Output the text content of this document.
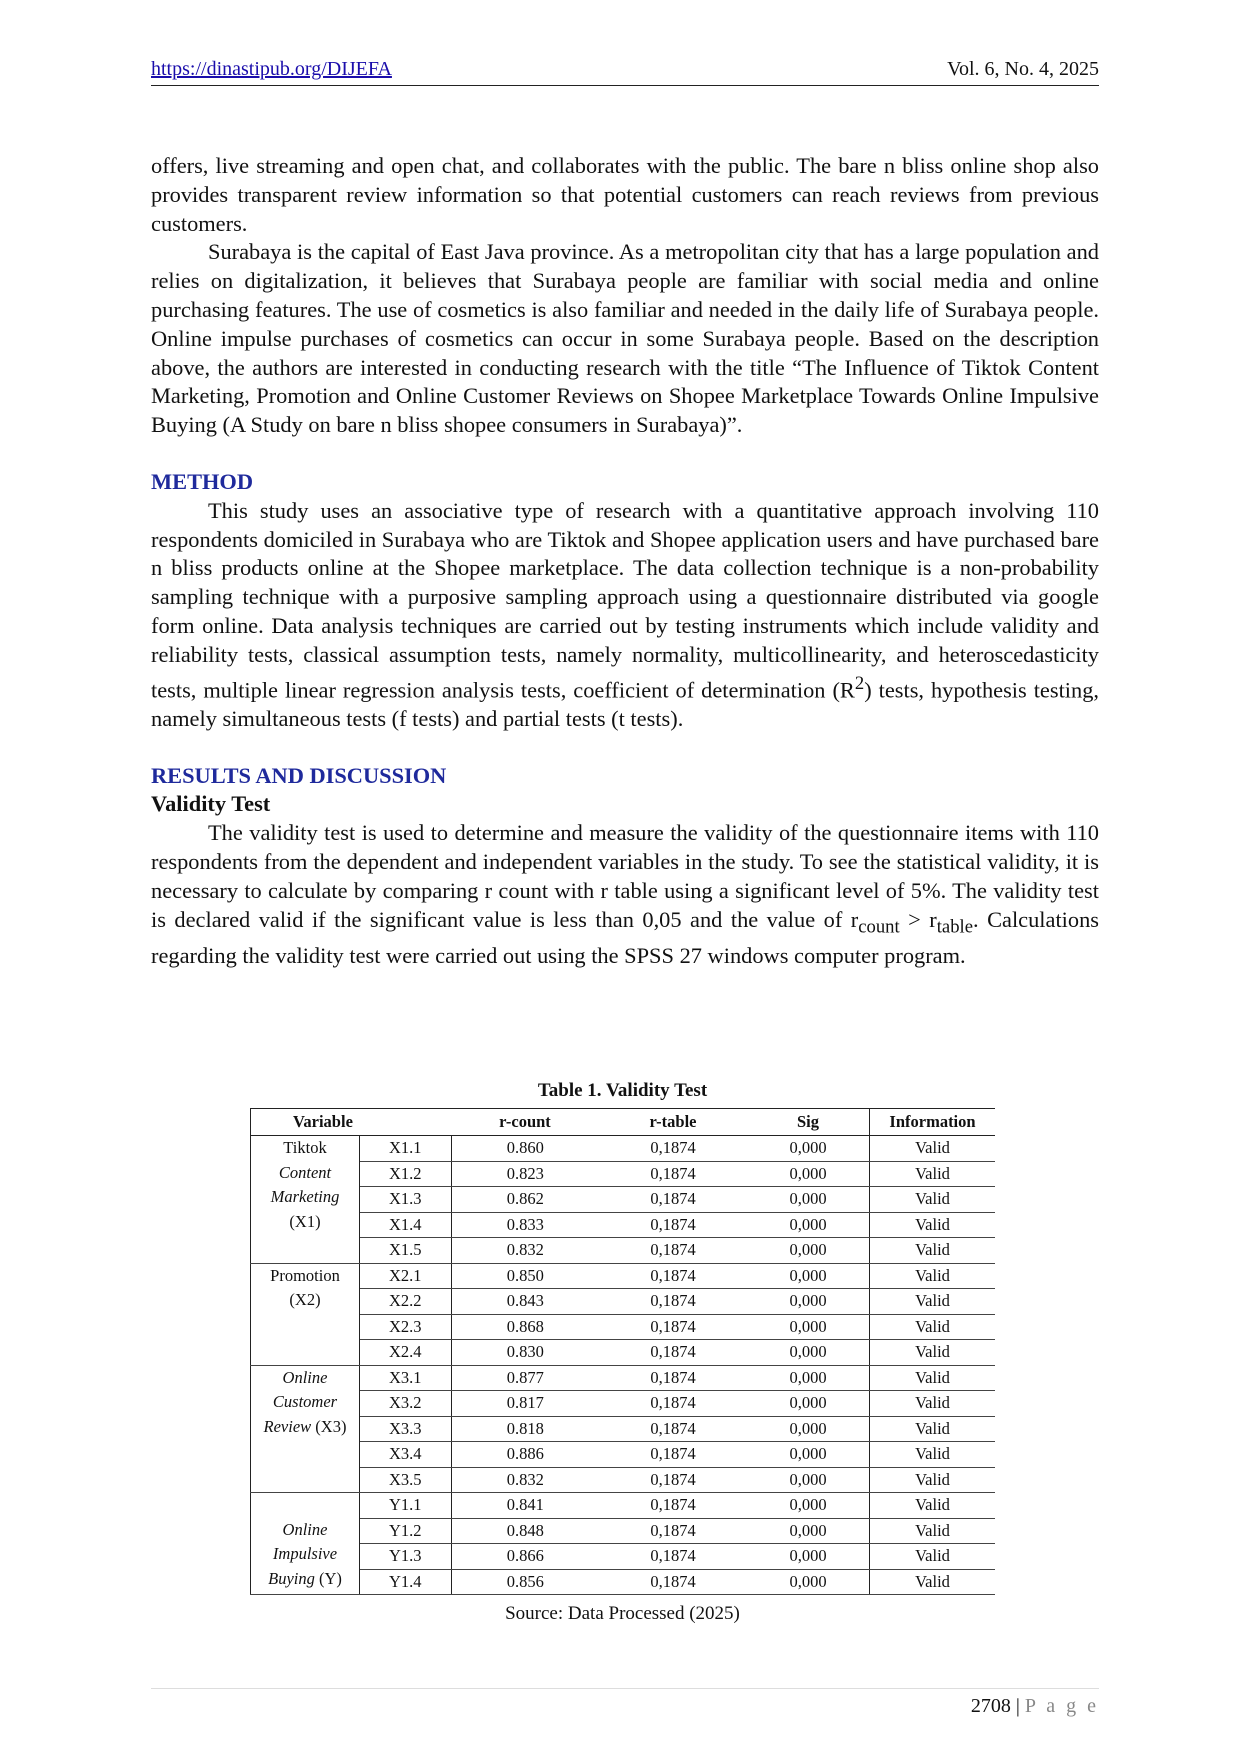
https://dinastipub.org/DIJEFA	Vol. 6, No. 4, 2025

offers, live streaming and open chat, and collaborates with the public. The bare n bliss online shop also provides transparent review information so that potential customers can reach reviews from previous customers.

Surabaya is the capital of East Java province. As a metropolitan city that has a large population and relies on digitalization, it believes that Surabaya people are familiar with social media and online purchasing features. The use of cosmetics is also familiar and needed in the daily life of Surabaya people. Online impulse purchases of cosmetics can occur in some Surabaya people. Based on the description above, the authors are interested in conducting research with the title “The Influence of Tiktok Content Marketing, Promotion and Online Customer Reviews on Shopee Marketplace Towards Online Impulsive Buying (A Study on bare n bliss shopee consumers in Surabaya)”.

METHOD

This study uses an associative type of research with a quantitative approach involving 110 respondents domiciled in Surabaya who are Tiktok and Shopee application users and have purchased bare n bliss products online at the Shopee marketplace. The data collection technique is a non-probability sampling technique with a purposive sampling approach using a questionnaire distributed via google form online. Data analysis techniques are carried out by testing instruments which include validity and reliability tests, classical assumption tests, namely normality, multicollinearity, and heteroscedasticity tests, multiple linear regression analysis tests, coefficient of determination $(R^2)$ tests, hypothesis testing, namely simultaneous tests (f tests) and partial tests (t tests).

RESULTS AND DISCUSSION
Validity Test

The validity test is used to determine and measure the validity of the questionnaire items with 110 respondents from the dependent and independent variables in the study. To see the statistical validity, it is necessary to calculate by comparing r count with r table using a significant level of 5%. The validity test is declared valid if the significant value is less than 0,05 and the value of $r_{count} > r_{table}$. Calculations regarding the validity test were carried out using the SPSS 27 windows computer program.

Table 1. Validity Test
Variable		r-count	r-table	Sig	Information
Tiktok
Content
Marketing
(X1)	X1.1	0.860	0,1874	0,000	Valid
	X1.2	0.823	0,1874	0,000	Valid
	X1.3	0.862	0,1874	0,000	Valid
	X1.4	0.833	0,1874	0,000	Valid
	X1.5	0.832	0,1874	0,000	Valid
Promotion
(X2)	X2.1	0.850	0,1874	0,000	Valid
	X2.2	0.843	0,1874	0,000	Valid
	X2.3	0.868	0,1874	0,000	Valid
	X2.4	0.830	0,1874	0,000	Valid
Online
Customer
Review (X3)	X3.1	0.877	0,1874	0,000	Valid
	X3.2	0.817	0,1874	0,000	Valid
	X3.3	0.818	0,1874	0,000	Valid
	X3.4	0.886	0,1874	0,000	Valid
	X3.5	0.832	0,1874	0,000	Valid

Online
Impulsive
Buying (Y)	Y1.1	0.841	0,1874	0,000	Valid
	Y1.2	0.848	0,1874	0,000	Valid
	Y1.3	0.866	0,1874	0,000	Valid
	Y1.4	0.856	0,1874	0,000	Valid
Source: Data Processed (2025)
2708 | P a g e
